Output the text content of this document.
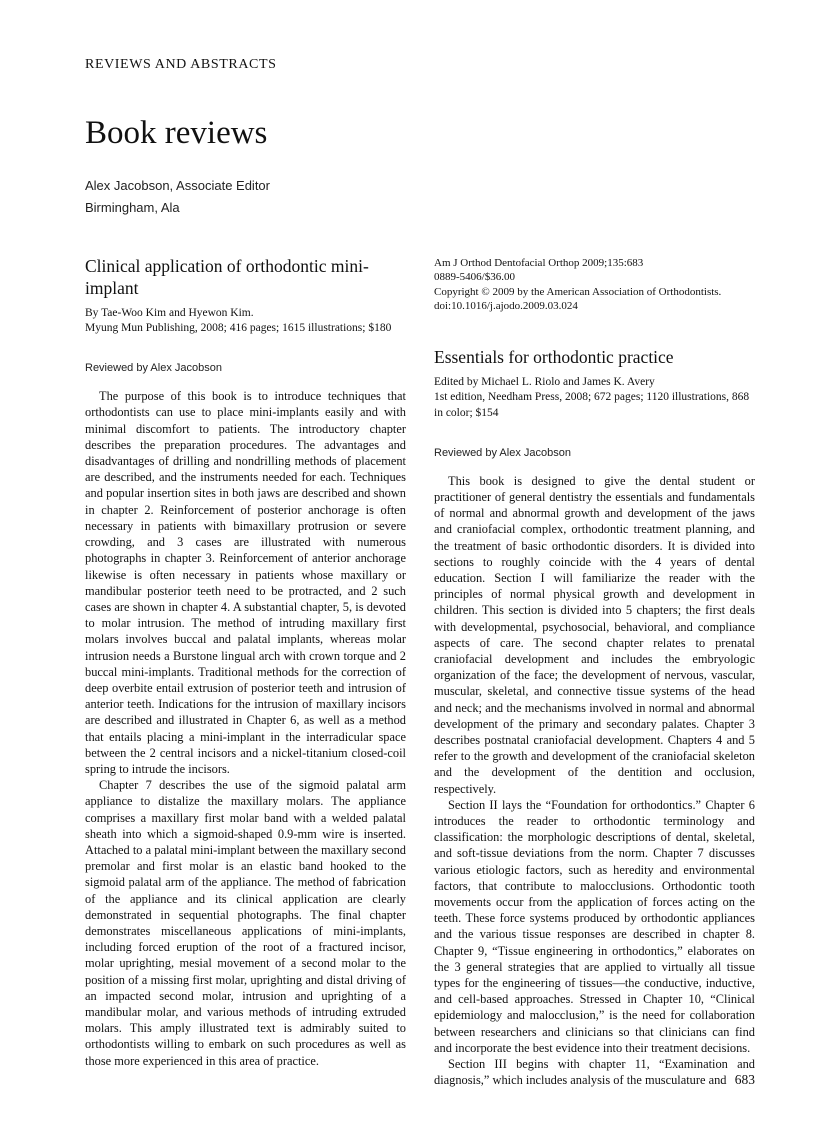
REVIEWS AND ABSTRACTS
Book reviews
Alex Jacobson, Associate Editor
Birmingham, Ala
Clinical application of orthodontic mini-implant
By Tae-Woo Kim and Hyewon Kim.
Myung Mun Publishing, 2008; 416 pages; 1615 illustrations; $180
Reviewed by Alex Jacobson

The purpose of this book is to introduce techniques that orthodontists can use to place mini-implants easily and with minimal discomfort to patients. The introductory chapter describes the preparation procedures. The advantages and disadvantages of drilling and nondrilling methods of placement are described, and the instruments needed for each. Techniques and popular insertion sites in both jaws are described and shown in chapter 2. Reinforcement of posterior anchorage is often necessary in patients with bimaxillary protrusion or severe crowding, and 3 cases are illustrated with numerous photographs in chapter 3. Reinforcement of anterior anchorage likewise is often necessary in patients whose maxillary or mandibular posterior teeth need to be protracted, and 2 such cases are shown in chapter 4. A substantial chapter, 5, is devoted to molar intrusion. The method of intruding maxillary first molars involves buccal and palatal implants, whereas molar intrusion needs a Burstone lingual arch with crown torque and 2 buccal mini-implants. Traditional methods for the correction of deep overbite entail extrusion of posterior teeth and intrusion of anterior teeth. Indications for the intrusion of maxillary incisors are described and illustrated in Chapter 6, as well as a method that entails placing a mini-implant in the interradicular space between the 2 central incisors and a nickel-titanium closed-coil spring to intrude the incisors.

Chapter 7 describes the use of the sigmoid palatal arm appliance to distalize the maxillary molars. The appliance comprises a maxillary first molar band with a welded palatal sheath into which a sigmoid-shaped 0.9-mm wire is inserted. Attached to a palatal mini-implant between the maxillary second premolar and first molar is an elastic band hooked to the sigmoid palatal arm of the appliance. The method of fabrication of the appliance and its clinical application are clearly demonstrated in sequential photographs. The final chapter demonstrates miscellaneous applications of mini-implants, including forced eruption of the root of a fractured incisor, molar uprighting, mesial movement of a second molar to the position of a missing first molar, uprighting and distal driving of an impacted second molar, intrusion and uprighting of a mandibular molar, and various methods of intruding extruded molars. This amply illustrated text is admirably suited to orthodontists willing to embark on such procedures as well as those more experienced in this area of practice.

Am J Orthod Dentofacial Orthop 2009;135:683
0889-5406/$36.00
Copyright © 2009 by the American Association of Orthodontists.
doi:10.1016/j.ajodo.2009.03.024
Essentials for orthodontic practice
Edited by Michael L. Riolo and James K. Avery
1st edition, Needham Press, 2008; 672 pages; 1120 illustrations, 868 in color; $154
Reviewed by Alex Jacobson

This book is designed to give the dental student or practitioner of general dentistry the essentials and fundamentals of normal and abnormal growth and development of the jaws and craniofacial complex, orthodontic treatment planning, and the treatment of basic orthodontic disorders. It is divided into sections to roughly coincide with the 4 years of dental education. Section I will familiarize the reader with the principles of normal physical growth and development in children. This section is divided into 5 chapters; the first deals with developmental, psychosocial, behavioral, and compliance aspects of care. The second chapter relates to prenatal craniofacial development and includes the embryologic organization of the face; the development of nervous, vascular, muscular, skeletal, and connective tissue systems of the head and neck; and the mechanisms involved in normal and abnormal development of the primary and secondary palates. Chapter 3 describes postnatal craniofacial development. Chapters 4 and 5 refer to the growth and development of the craniofacial skeleton and the development of the dentition and occlusion, respectively.

Section II lays the “Foundation for orthodontics.” Chapter 6 introduces the reader to orthodontic terminology and classification: the morphologic descriptions of dental, skeletal, and soft-tissue deviations from the norm. Chapter 7 discusses various etiologic factors, such as heredity and environmental factors, that contribute to malocclusions. Orthodontic tooth movements occur from the application of forces acting on the teeth. These force systems produced by orthodontic appliances and the various tissue responses are described in chapter 8. Chapter 9, “Tissue engineering in orthodontics,” elaborates on the 3 general strategies that are applied to virtually all tissue types for the engineering of tissues—the conductive, inductive, and cell-based approaches. Stressed in Chapter 10, “Clinical epidemiology and malocclusion,” is the need for collaboration between researchers and clinicians so that clinicians can find and incorporate the best evidence into their treatment decisions.

Section III begins with chapter 11, “Examination and diagnosis,” which includes analysis of the musculature and 683
